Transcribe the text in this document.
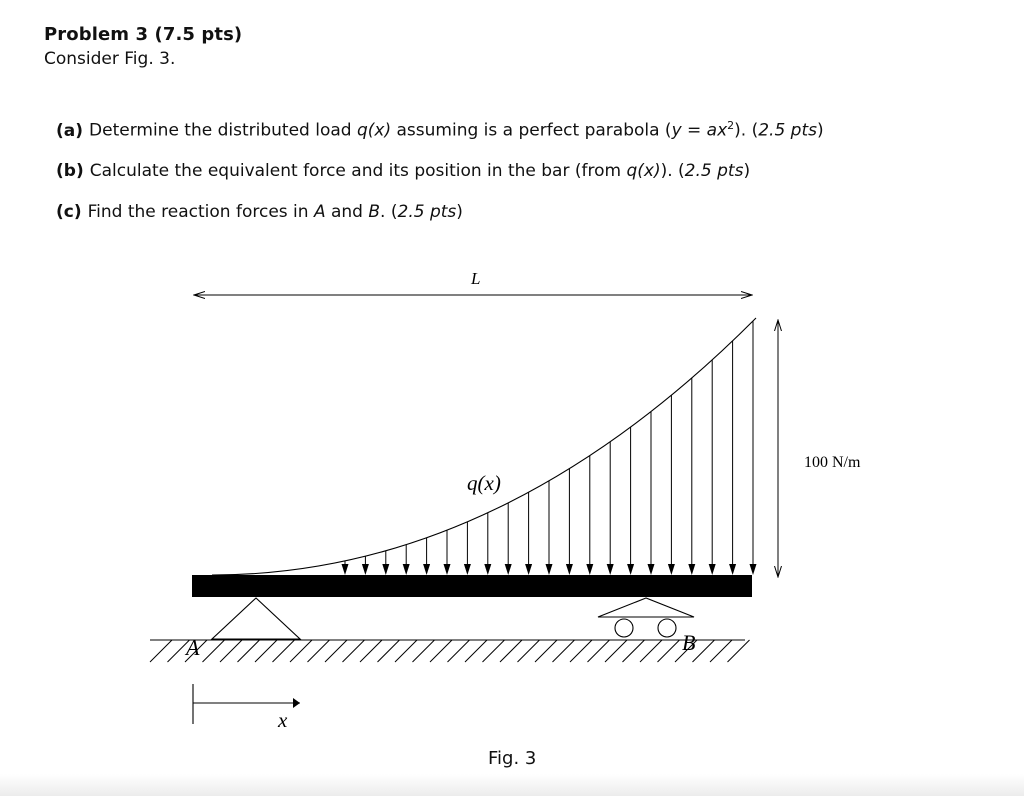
Problem 3 (7.5 pts)
Consider Fig. 3.
(a) Determine the distributed load q(x) assuming is a perfect parabola $(y = ax^2)$. (2.5 pts)
(b) Calculate the equivalent force and its position in the bar (from q(x)). (2.5 pts)
(c) Find the reaction forces in A and B. (2.5 pts)
L
q(x)
100 N/m
A	B
x
Fig. 3
